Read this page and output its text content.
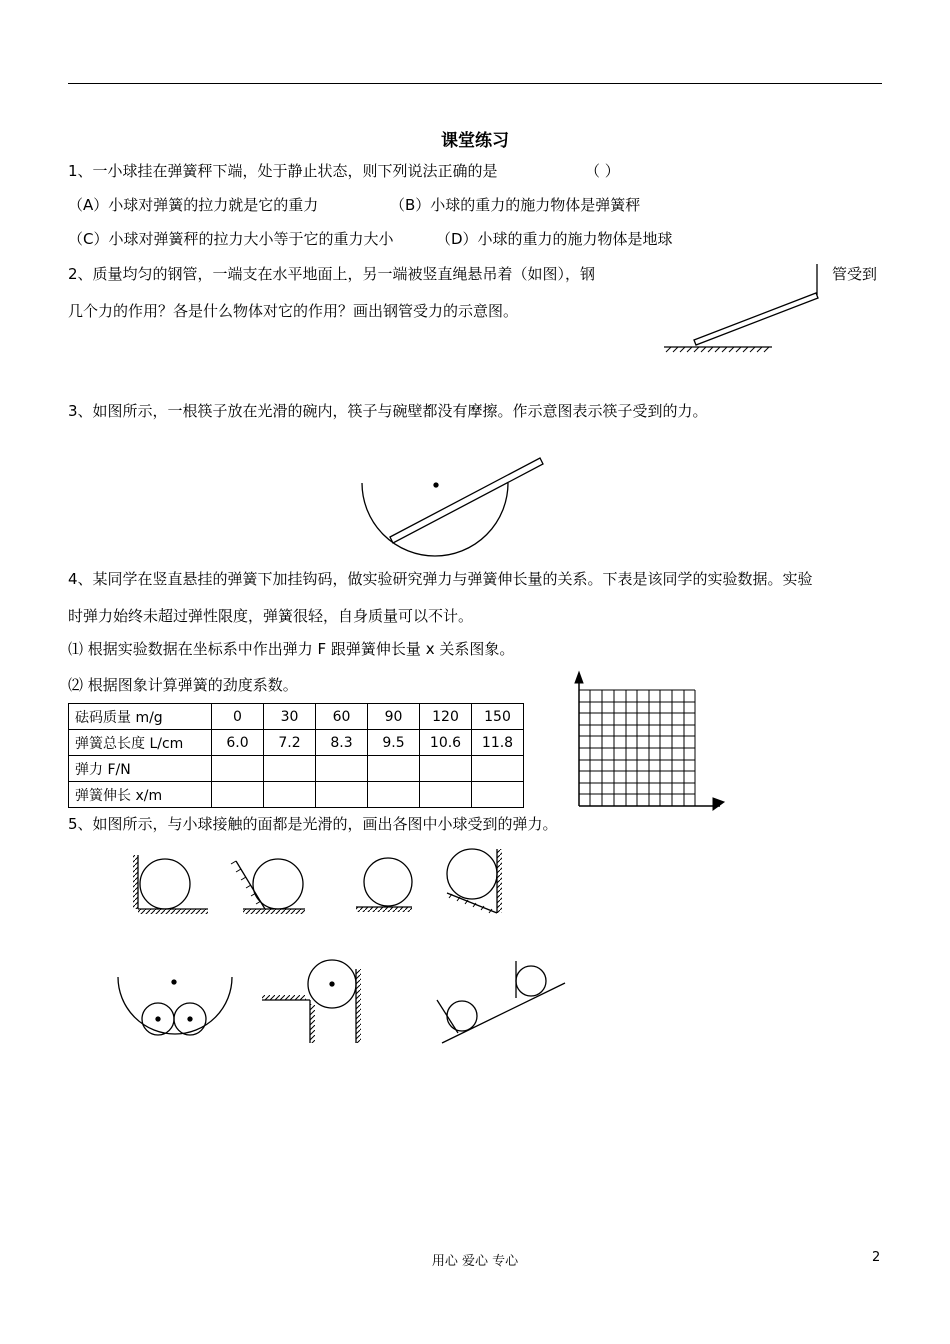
课堂练习
1、一小球挂在弹簧秤下端，处于静止状态，则下列说法正确的是	（ ）
（A）小球对弹簧的拉力就是它的重力	（B）小球的重力的施力物体是弹簧秤
（C）小球对弹簧秤的拉力大小等于它的重力大小	（D）小球的重力的施力物体是地球
2、质量均匀的钢管，一端支在水平地面上，另一端被竖直绳悬吊着（如图），钢	管受到
几个力的作用？各是什么物体对它的作用？画出钢管受力的示意图。
3、如图所示，一根筷子放在光滑的碗内，筷子与碗壁都没有摩擦。作示意图表示筷子受到的力。
4、某同学在竖直悬挂的弹簧下加挂钩码，做实验研究弹力与弹簧伸长量的关系。下表是该同学的实验数据。实验
时弹力始终未超过弹性限度，弹簧很轻，自身质量可以不计。
⑴ 根据实验数据在坐标系中作出弹力 F 跟弹簧伸长量 x 关系图象。
⑵ 根据图象计算弹簧的劲度系数。
砝码质量 m/g	0	30	60	90	120	150
弹簧总长度 L/cm	6.0	7.2	8.3	9.5	10.6	11.8
弹力 F/N						
弹簧伸长 x/m						
5、如图所示，与小球接触的面都是光滑的，画出各图中小球受到的弹力。
用心 爱心 专心	2
